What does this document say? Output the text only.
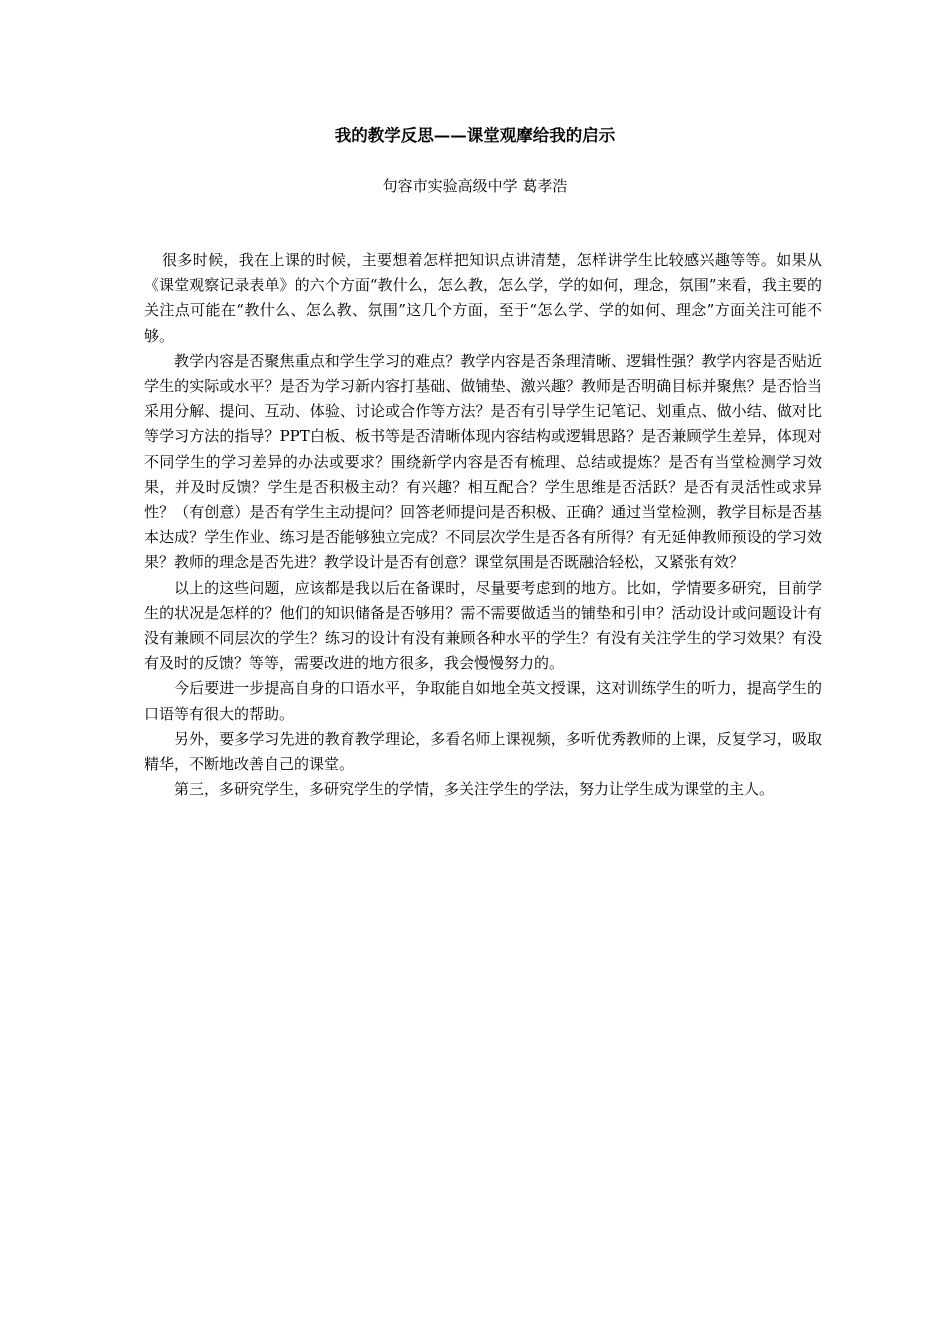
我的教学反思——课堂观摩给我的启示

句容市实验高级中学 葛孝浩

很多时候，我在上课的时候，主要想着怎样把知识点讲清楚，怎样讲学生比较感兴趣等等。如果从《课堂观察记录表单》的六个方面“教什么，怎么教，怎么学，学的如何，理念，氛围”来看，我主要的关注点可能在“教什么、怎么教、氛围”这几个方面，至于“怎么学、学的如何、理念”方面关注可能不够。

教学内容是否聚焦重点和学生学习的难点？教学内容是否条理清晰、逻辑性强？教学内容是否贴近学生的实际或水平？是否为学习新内容打基础、做铺垫、激兴趣？教师是否明确目标并聚焦？是否恰当采用分解、提问、互动、体验、讨论或合作等方法？是否有引导学生记笔记、划重点、做小结、做对比等学习方法的指导？PPT白板、板书等是否清晰体现内容结构或逻辑思路？是否兼顾学生差异，体现对不同学生的学习差异的办法或要求？围绕新学内容是否有梳理、总结或提炼？是否有当堂检测学习效果，并及时反馈？学生是否积极主动？有兴趣？相互配合？学生思维是否活跃？是否有灵活性或求异性？（有创意）是否有学生主动提问？回答老师提问是否积极、正确？通过当堂检测，教学目标是否基本达成？学生作业、练习是否能够独立完成？不同层次学生是否各有所得？有无延伸教师预设的学习效果？教师的理念是否先进？教学设计是否有创意？课堂氛围是否既融洽轻松，又紧张有效？

以上的这些问题，应该都是我以后在备课时，尽量要考虑到的地方。比如，学情要多研究，目前学生的状况是怎样的？他们的知识储备是否够用？需不需要做适当的铺垫和引申？活动设计或问题设计有没有兼顾不同层次的学生？练习的设计有没有兼顾各种水平的学生？有没有关注学生的学习效果？有没有及时的反馈？等等，需要改进的地方很多，我会慢慢努力的。

今后要进一步提高自身的口语水平，争取能自如地全英文授课，这对训练学生的听力，提高学生的口语等有很大的帮助。

另外，要多学习先进的教育教学理论，多看名师上课视频，多听优秀教师的上课，反复学习，吸取精华，不断地改善自己的课堂。

第三，多研究学生，多研究学生的学情，多关注学生的学法，努力让学生成为课堂的主人。
